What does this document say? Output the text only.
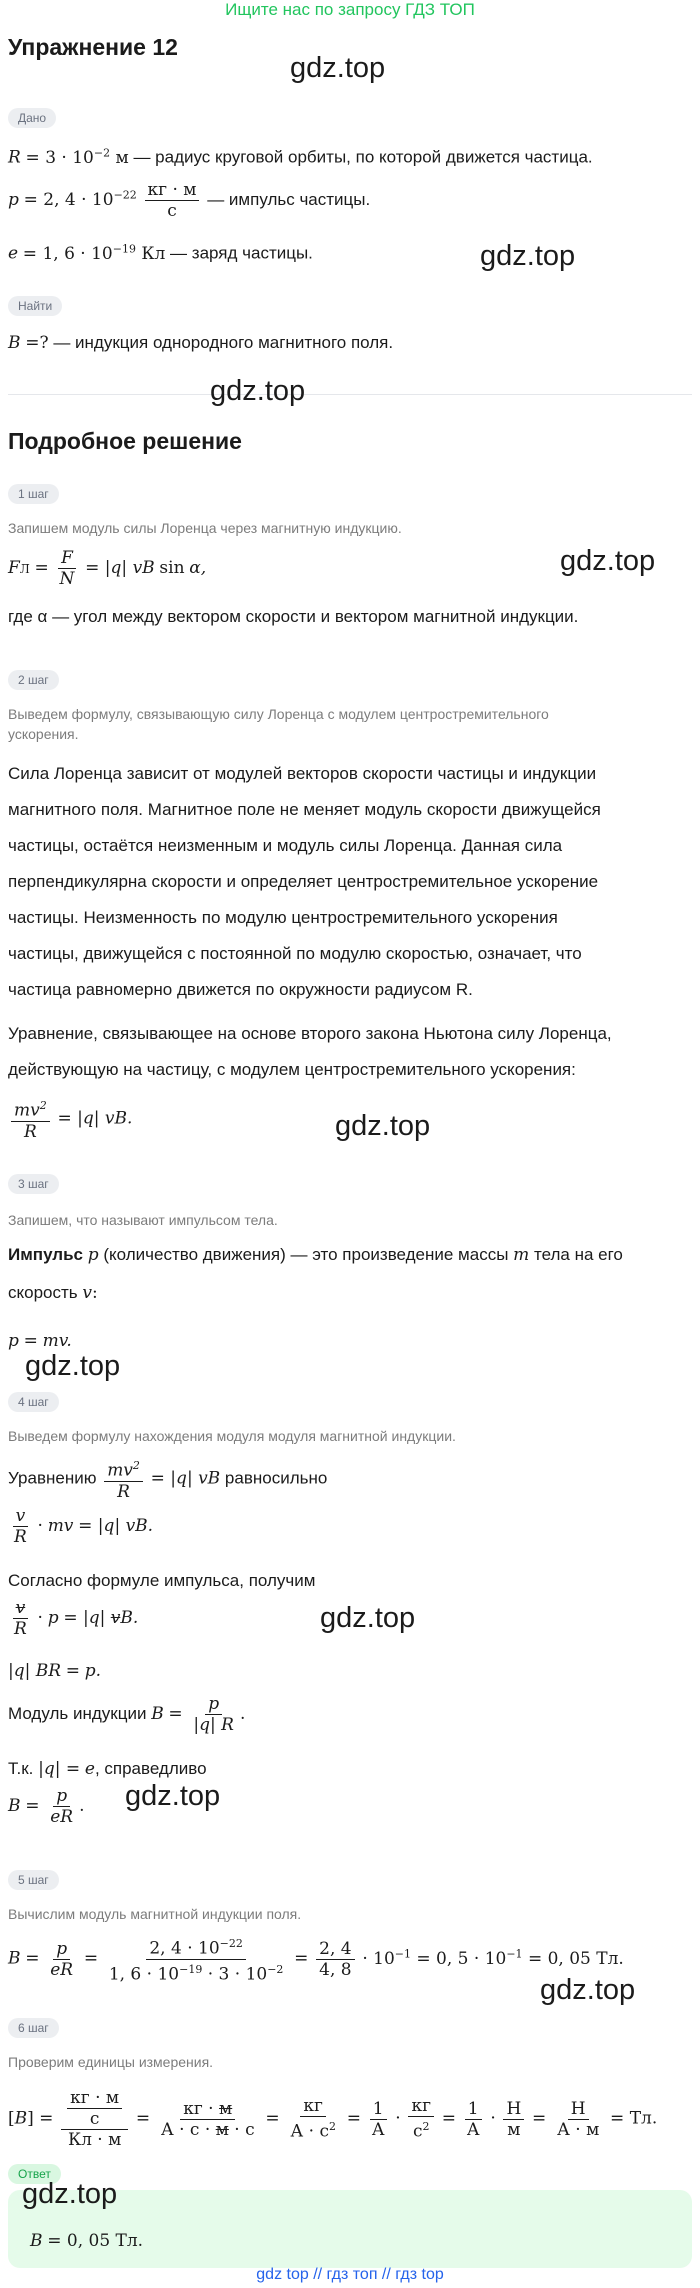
Ищите нас по запросу ГДЗ ТОП
Упражнение 12
gdz.top
Дано
$R = 3 \cdot 10^{-2}$ м — радиус круговой орбиты, по которой движется частица.
p = 2, $4 \cdot 10^{-22} \frac{кг \cdot м}{с}$ — импульс частицы.
e = 1, $6 \cdot 10^{-19}$ Кл — заряд частицы.	gdz.top
Найти
B =? — индукция однородного магнитного поля.
gdz.top
Подробное решение
1 шаг
Запишем модуль силы Лоренца через магнитную индукцию.
FЛ = $\frac{F}{N} = |q|$ vB sin α,	gdz.top
где α — угол между вектором скорости и вектором магнитной индукции.
2 шаг
Выведем формулу, связывающую силу Лоренца с модулем центростремительного
ускорения.
Сила Лоренца зависит от модулей векторов скорости частицы и индукции
магнитного поля. Магнитное поле не меняет модуль скорости движущейся
частицы, остаётся неизменным и модуль силы Лоренца. Данная сила
перпендикулярна скорости и определяет центростремительное ускорение
частицы. Неизменность по модулю центростремительного ускорения
частицы, движущейся с постоянной по модулю скоростью, означает, что
частица равномерно движется по окружности радиусом R.
Уравнение, связывающее на основе второго закона Ньютона силу Лоренца,
действующую на частицу, с модулем центростремительного ускорения:
$\frac{mv^2}{R} = |q|$ vB.	gdz.top
3 шаг
Запишем, что называют импульсом тела.
Импульс p (количество движения) — это произведение массы m тела на его
скорость v:
p = mv.
gdz.top
4 шаг
Выведем формулу нахождения модуля модуля магнитной индукции.
Уравнению $\frac{mv^2}{R} = |q|$ vB равносильно
$\frac{v}{R}$ · mv = |q| vB.
Согласно формуле импульса, получим
$\frac{v}{R} \cdot p = |q|$ vB.	gdz.top
|q| BR = p.
Модуль индукции $B = \frac{p}{|q| R}$ .
Т.к. |q| = e, справедливо
$B = \frac{p}{eR}$ . gdz.top
5 шаг
Вычислим модуль магнитной индукции поля.
$B = \frac{p}{eR} = \frac{2, 4 \cdot 10^{-22}}{1, 6 \cdot 10^{-19} \cdot 3 \cdot 10^{-2}} = \frac{2, 4}{4, 8} \cdot 10^{-1} = 0$, $5 \cdot 10^{-1} = 0$, 05 Тл.
gdz.top
6 шаг
Проверим единицы измерения.
$[B] = \frac{\frac{кг \cdot м}{с}}{Кл \cdot м} = \frac{кг \cdot м}{А \cdot с \cdot м \cdot с} = \frac{кг}{А \cdot с^2} = \frac{1}{А} \cdot \frac{кг}{с^2} = \frac{1}{А} \cdot \frac{Н}{м} = \frac{Н}{А \cdot м}$ = Тл.
Ответ
gdz.top
B = 0, 05 Тл.
gdz top // гдз топ // гдз top
